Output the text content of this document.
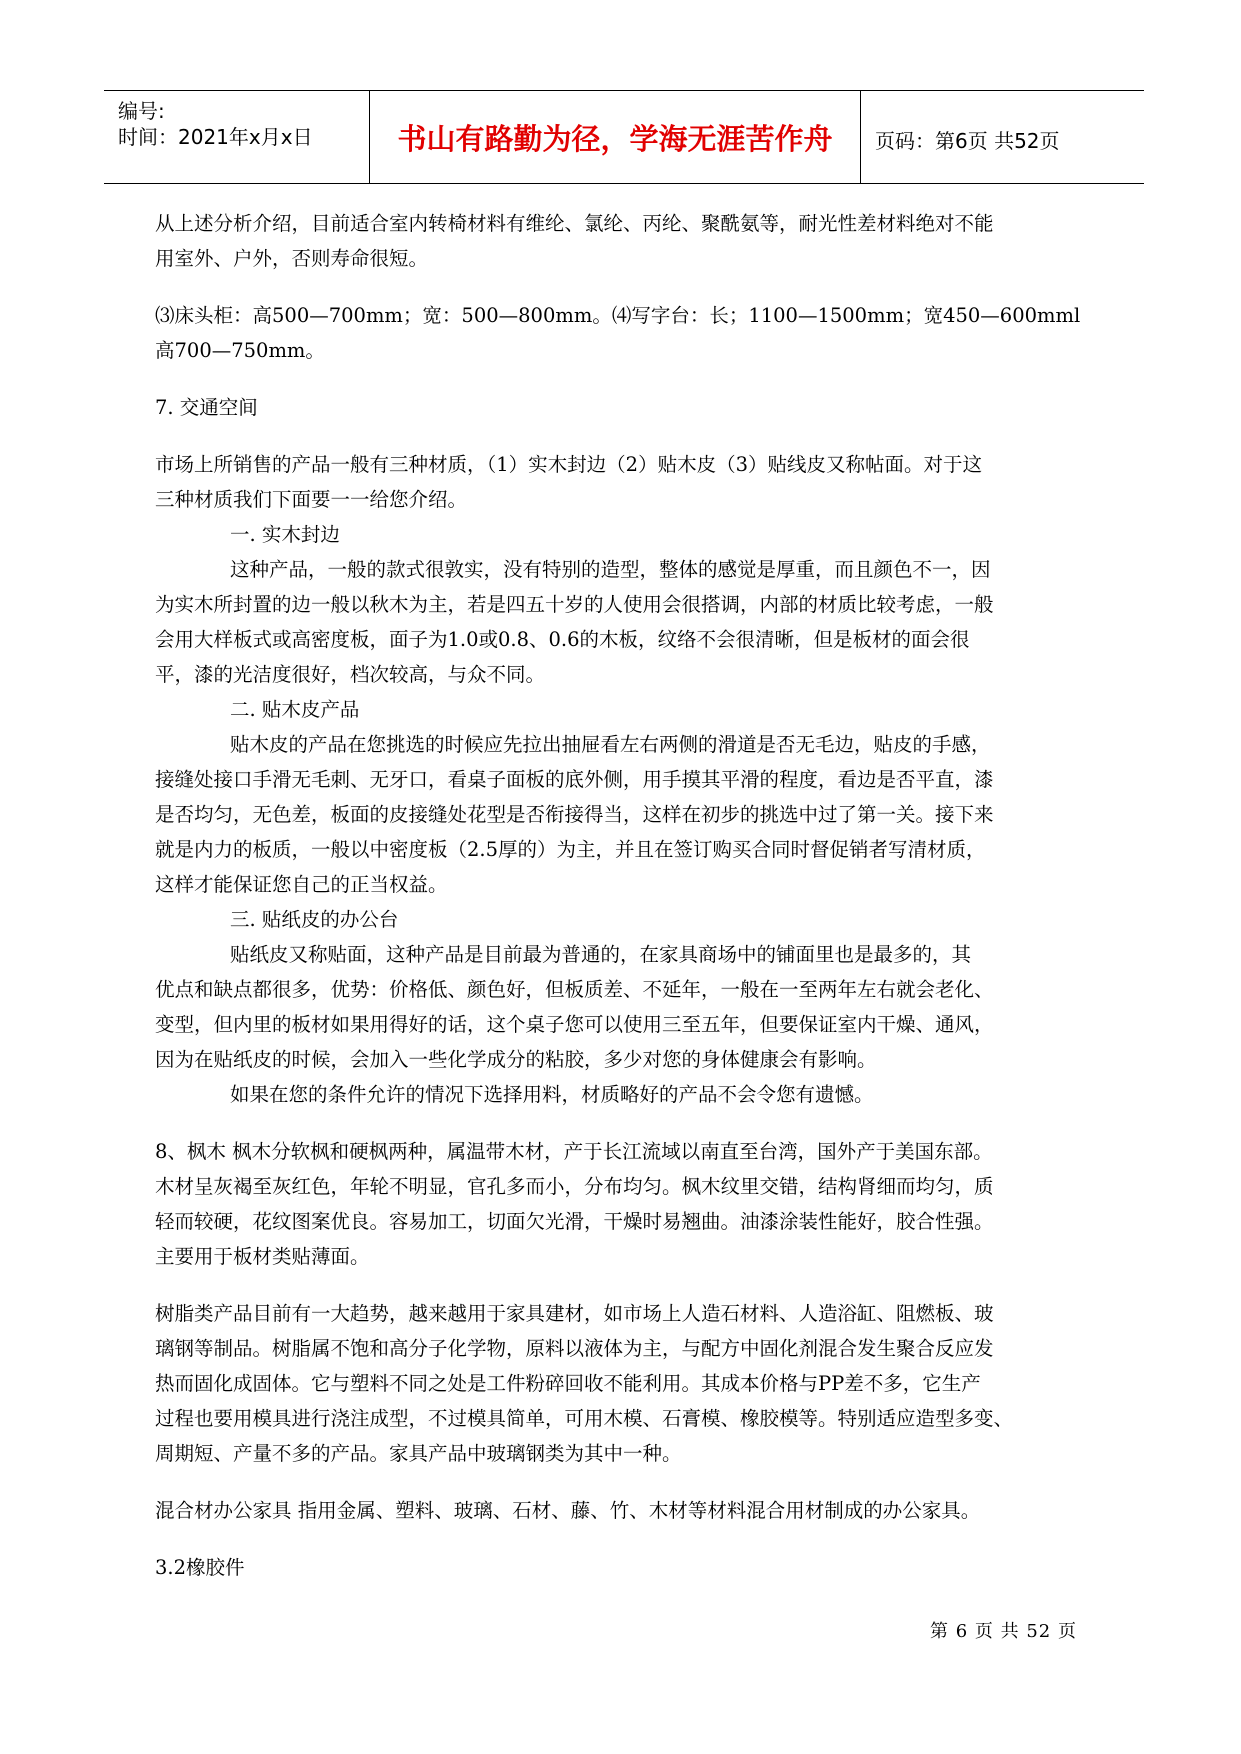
编号:
时间：2021年x月x日	书山有路勤为径，学海无涯苦作舟	页码：第6页 共52页

从上述分析介绍，目前适合室内转椅材料有维纶、氯纶、丙纶、聚酰氨等，耐光性差材料绝对不能

用室外、户外，否则寿命很短。

⑶床头柜：高500—700mm；宽：500—800mm。⑷写字台：长；1100—1500mm；宽450—600mml

高700—750mm。

7. 交通空间

市场上所销售的产品一般有三种材质，（1）实木封边（2）贴木皮（3）贴线皮又称帖面。对于这

三种材质我们下面要一一给您介绍。

一. 实木封边

这种产品，一般的款式很敦实，没有特别的造型，整体的感觉是厚重，而且颜色不一，因

为实木所封置的边一般以秋木为主，若是四五十岁的人使用会很搭调，内部的材质比较考虑，一般

会用大样板式或高密度板，面子为1.0或0.8、0.6的木板，纹络不会很清晰，但是板材的面会很

平，漆的光洁度很好，档次较高，与众不同。

二. 贴木皮产品

贴木皮的产品在您挑选的时候应先拉出抽屉看左右两侧的滑道是否无毛边，贴皮的手感，

接缝处接口手滑无毛刺、无牙口，看桌子面板的底外侧，用手摸其平滑的程度，看边是否平直，漆

是否均匀，无色差，板面的皮接缝处花型是否衔接得当，这样在初步的挑选中过了第一关。接下来

就是内力的板质，一般以中密度板（2.5厚的）为主，并且在签订购买合同时督促销者写清材质，

这样才能保证您自己的正当权益。

三. 贴纸皮的办公台

贴纸皮又称贴面，这种产品是目前最为普通的，在家具商场中的铺面里也是最多的，其

优点和缺点都很多，优势：价格低、颜色好，但板质差、不延年，一般在一至两年左右就会老化、

变型，但内里的板材如果用得好的话，这个桌子您可以使用三至五年，但要保证室内干燥、通风，

因为在贴纸皮的时候，会加入一些化学成分的粘胶，多少对您的身体健康会有影响。

如果在您的条件允许的情况下选择用料，材质略好的产品不会令您有遗憾。

8、枫木 枫木分软枫和硬枫两种，属温带木材，产于长江流域以南直至台湾，国外产于美国东部。

木材呈灰褐至灰红色，年轮不明显，官孔多而小，分布均匀。枫木纹里交错，结构肾细而均匀，质

轻而较硬，花纹图案优良。容易加工，切面欠光滑，干燥时易翘曲。油漆涂装性能好，胶合性强。

主要用于板材类贴薄面。

树脂类产品目前有一大趋势，越来越用于家具建材，如市场上人造石材料、人造浴缸、阻燃板、玻

璃钢等制品。树脂属不饱和高分子化学物，原料以液体为主，与配方中固化剂混合发生聚合反应发

热而固化成固体。它与塑料不同之处是工件粉碎回收不能利用。其成本价格与PP差不多，它生产

过程也要用模具进行浇注成型，不过模具简单，可用木模、石膏模、橡胶模等。特别适应造型多变、

周期短、产量不多的产品。家具产品中玻璃钢类为其中一种。

混合材办公家具 指用金属、塑料、玻璃、石材、藤、竹、木材等材料混合用材制成的办公家具。

3.2橡胶件

第 6 页 共 52 页
